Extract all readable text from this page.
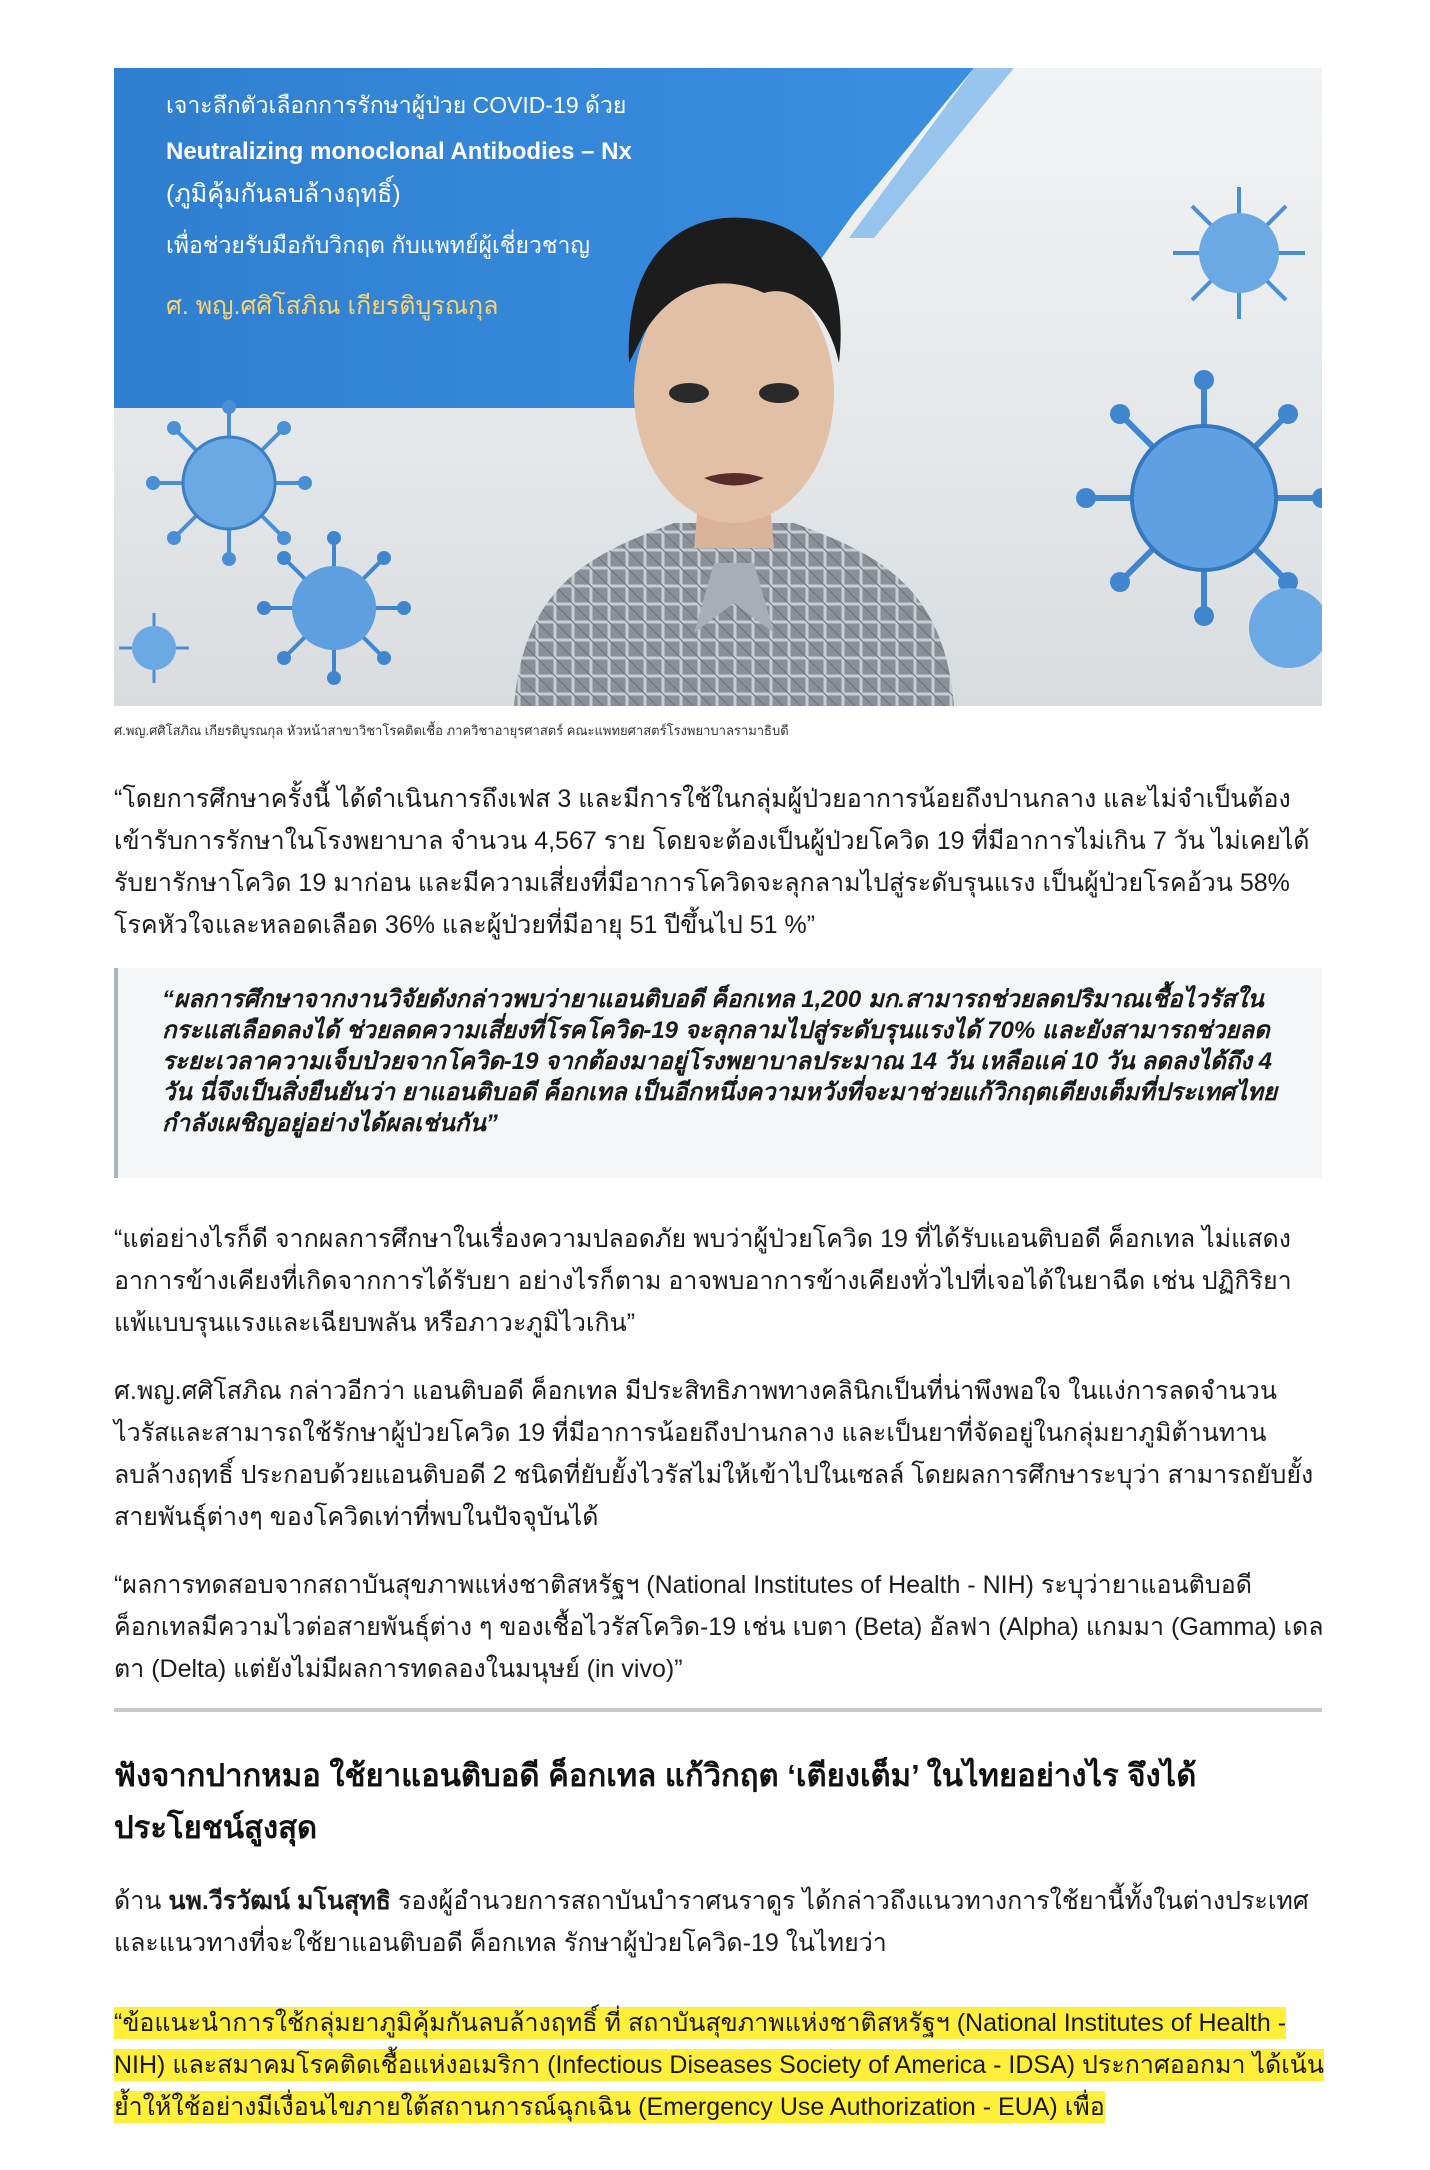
เจาะลึกตัวเลือกการรักษาผู้ป่วย COVID-19 ด้วย
Neutralizing monoclonal Antibodies – Nx
(ภูมิคุ้มกันลบล้างฤทธิ์)
เพื่อช่วยรับมือกับวิกฤต กับแพทย์ผู้เชี่ยวชาญ
ศ. พญ.ศศิโสภิณ เกียรติบูรณกุล
ศ.พญ.ศศิโสภิณ เกียรติบูรณกุล หัวหน้าสาขาวิชาโรคติดเชื้อ ภาควิชาอายุรศาสตร์ คณะแพทยศาสตร์โรงพยาบาลรามาธิบดี
“โดยการศึกษาครั้งนี้ ได้ดำเนินการถึงเฟส 3 และมีการใช้ในกลุ่มผู้ป่วยอาการน้อยถึงปานกลาง และไม่จำเป็นต้องเข้ารับการรักษาในโรงพยาบาล จำนวน 4,567 ราย โดยจะต้องเป็นผู้ป่วยโควิด 19 ที่มีอาการไม่เกิน 7 วัน ไม่เคยได้รับยารักษาโควิด 19 มาก่อน และมีความเสี่ยงที่มีอาการโควิดจะลุกลามไปสู่ระดับรุนแรง เป็นผู้ป่วยโรคอ้วน 58% โรคหัวใจและหลอดเลือด 36% และผู้ป่วยที่มีอายุ 51 ปีขึ้นไป 51 %”
“ผลการศึกษาจากงานวิจัยดังกล่าวพบว่ายาแอนติบอดี ค็อกเทล 1,200 มก.สามารถช่วยลดปริมาณเชื้อไวรัสในกระแสเลือดลงได้ ช่วยลดความเสี่ยงที่โรคโควิด-19 จะลุกลามไปสู่ระดับรุนแรงได้ 70% และยังสามารถช่วยลดระยะเวลาความเจ็บป่วยจากโควิด-19 จากต้องมาอยู่โรงพยาบาลประมาณ 14 วัน เหลือแค่ 10 วัน ลดลงได้ถึง 4 วัน นี่จึงเป็นสิ่งยืนยันว่า ยาแอนติบอดี ค็อกเทล เป็นอีกหนึ่งความหวังที่จะมาช่วยแก้วิกฤตเตียงเต็มที่ประเทศไทยกำลังเผชิญอยู่อย่างได้ผลเช่นกัน”
“แต่อย่างไรก็ดี จากผลการศึกษาในเรื่องความปลอดภัย พบว่าผู้ป่วยโควิด 19 ที่ได้รับแอนติบอดี ค็อกเทล ไม่แสดงอาการข้างเคียงที่เกิดจากการได้รับยา อย่างไรก็ตาม อาจพบอาการข้างเคียงทั่วไปที่เจอได้ในยาฉีด เช่น ปฏิกิริยาแพ้แบบรุนแรงและเฉียบพลัน หรือภาวะภูมิไวเกิน”
ศ.พญ.ศศิโสภิณ กล่าวอีกว่า แอนติบอดี ค็อกเทล มีประสิทธิภาพทางคลินิกเป็นที่น่าพึงพอใจ ในแง่การลดจำนวนไวรัสและสามารถใช้รักษาผู้ป่วยโควิด 19 ที่มีอาการน้อยถึงปานกลาง และเป็นยาที่จัดอยู่ในกลุ่มยาภูมิต้านทานลบล้างฤทธิ์ ประกอบด้วยแอนติบอดี 2 ชนิดที่ยับยั้งไวรัสไม่ให้เข้าไปในเซลล์ โดยผลการศึกษาระบุว่า สามารถยับยั้งสายพันธุ์ต่างๆ ของโควิดเท่าที่พบในปัจจุบันได้
“ผลการทดสอบจากสถาบันสุขภาพแห่งชาติสหรัฐฯ (National Institutes of Health - NIH) ระบุว่ายาแอนติบอดี ค็อกเทลมีความไวต่อสายพันธุ์ต่าง ๆ ของเชื้อไวรัสโควิด-19 เช่น เบตา (Beta) อัลฟา (Alpha) แกมมา (Gamma) เดลตา (Delta) แต่ยังไม่มีผลการทดลองในมนุษย์ (in vivo)”
ฟังจากปากหมอ ใช้ยาแอนติบอดี ค็อกเทล แก้วิกฤต ‘เตียงเต็ม’ ในไทยอย่างไร จึงได้ประโยชน์สูงสุด
ด้าน นพ.วีรวัฒน์ มโนสุทธิ รองผู้อำนวยการสถาบันบำราศนราดูร ได้กล่าวถึงแนวทางการใช้ยานี้ทั้งในต่างประเทศและแนวทางที่จะใช้ยาแอนติบอดี ค็อกเทล รักษาผู้ป่วยโควิด-19 ในไทยว่า
“ข้อแนะนำการใช้กลุ่มยาภูมิคุ้มกันลบล้างฤทธิ์ ที่ สถาบันสุขภาพแห่งชาติสหรัฐฯ (National Institutes of Health - NIH) และสมาคมโรคติดเชื้อแห่งอเมริกา (Infectious Diseases Society of America - IDSA) ประกาศออกมา ได้เน้นย้ำให้ใช้อย่างมีเงื่อนไขภายใต้สถานการณ์ฉุกเฉิน (Emergency Use Authorization - EUA) เพื่อ
